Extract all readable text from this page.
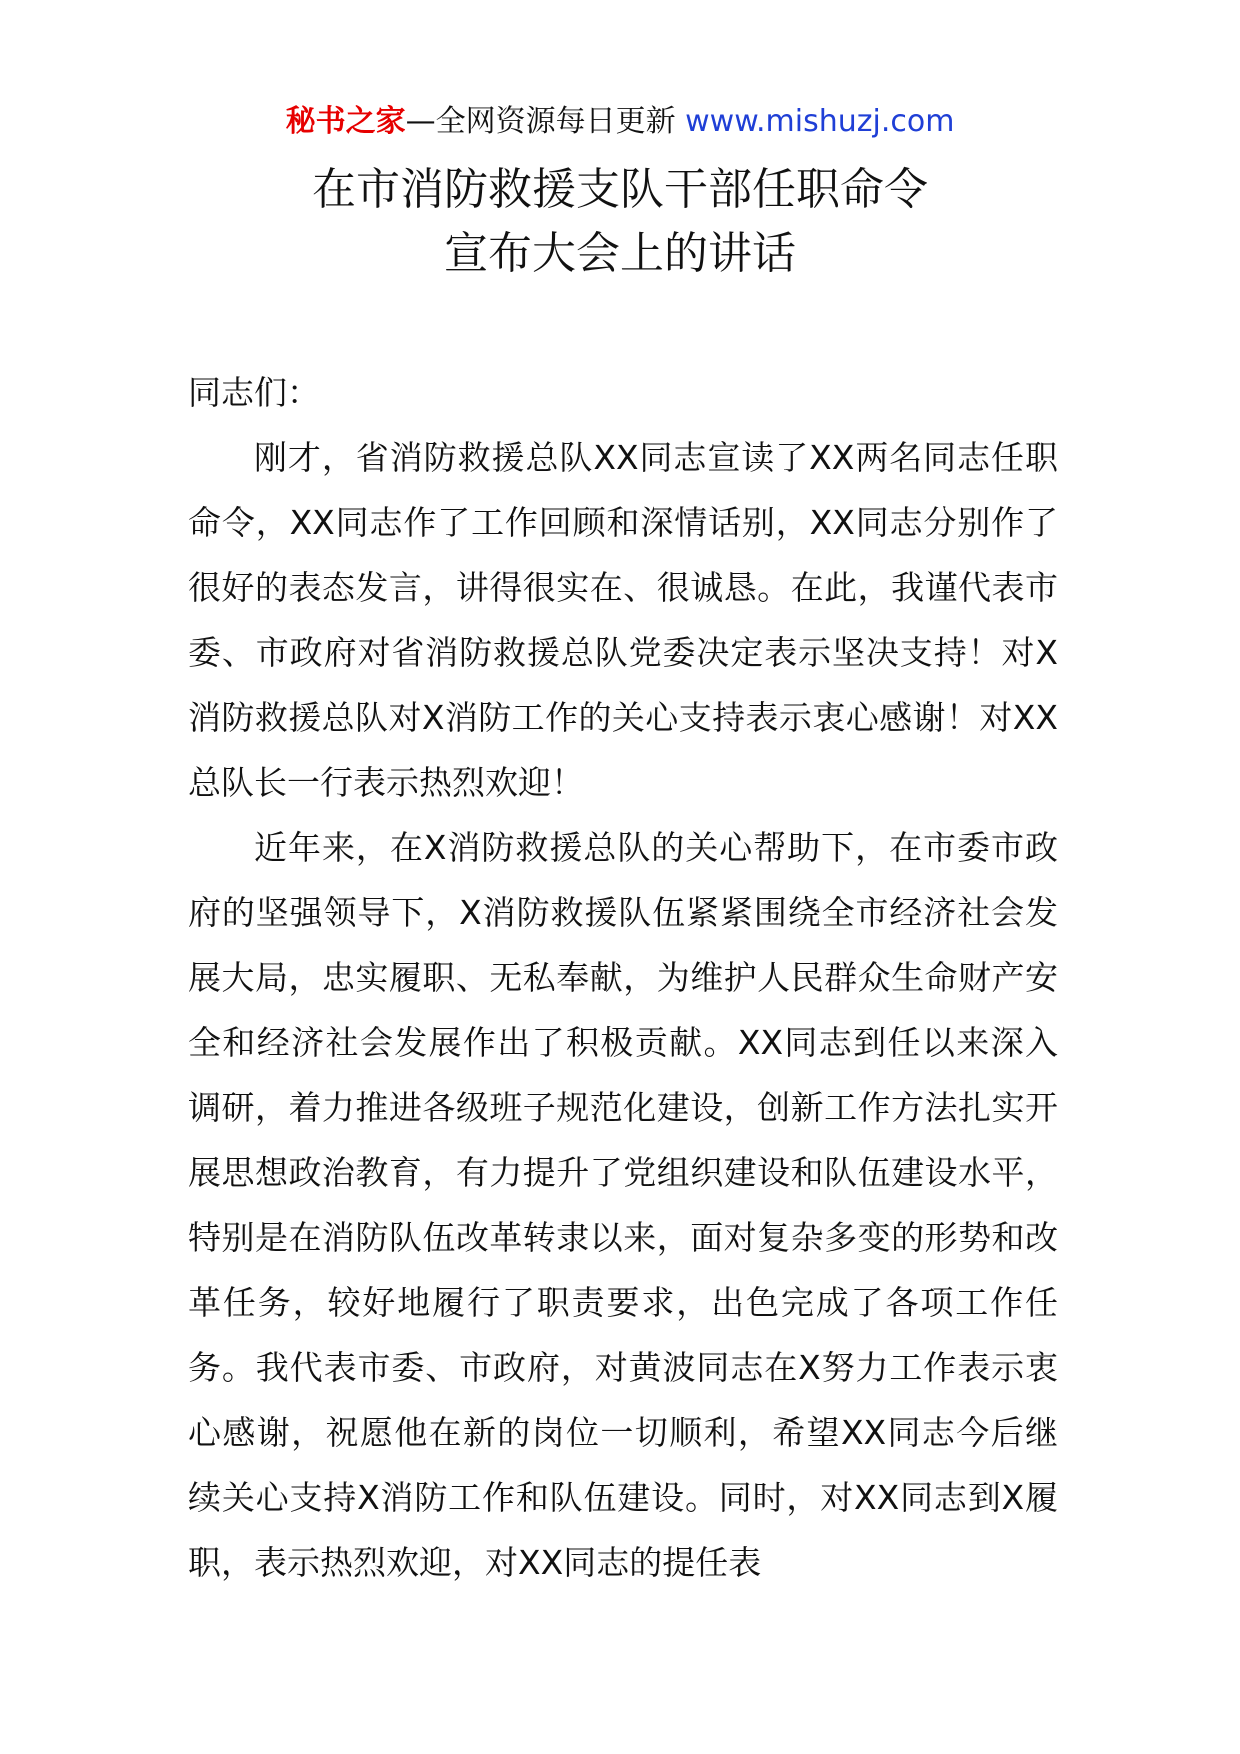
秘书之家—全网资源每日更新 www.mishuzj.com
在市消防救援支队干部任职命令
宣布大会上的讲话

同志们：

刚才，省消防救援总队XX同志宣读了XX两名同志任职命令，XX同志作了工作回顾和深情话别，XX同志分别作了很好的表态发言，讲得很实在、很诚恳。在此，我谨代表市委、市政府对省消防救援总队党委决定表示坚决支持！对X消防救援总队对X消防工作的关心支持表示衷心感谢！对XX总队长一行表示热烈欢迎！

近年来，在X消防救援总队的关心帮助下，在市委市政府的坚强领导下，X消防救援队伍紧紧围绕全市经济社会发展大局，忠实履职、无私奉献，为维护人民群众生命财产安全和经济社会发展作出了积极贡献。XX同志到任以来深入调研，着力推进各级班子规范化建设，创新工作方法扎实开展思想政治教育，有力提升了党组织建设和队伍建设水平，特别是在消防队伍改革转隶以来，面对复杂多变的形势和改革任务，较好地履行了职责要求，出色完成了各项工作任务。我代表市委、市政府，对黄波同志在X努力工作表示衷心感谢，祝愿他在新的岗位一切顺利，希望XX同志今后继续关心支持X消防工作和队伍建设。同时，对XX同志到X履职，表示热烈欢迎，对XX同志的提任表
